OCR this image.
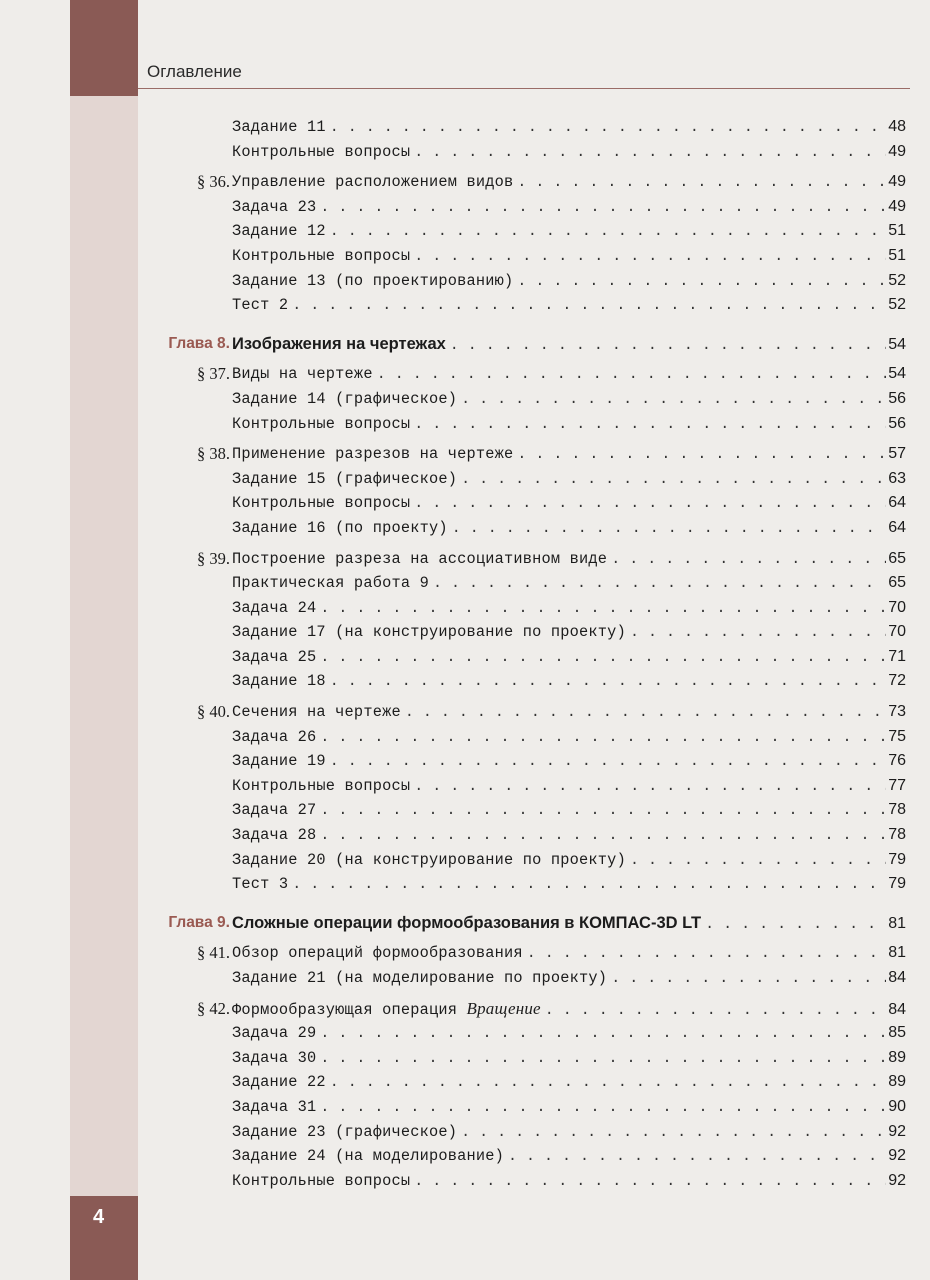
Оглавление
Задание 11 . . .	48
Контрольные вопросы . . .	49
§ 36. Управление расположением видов . . .	49
Задача 23 . . .	49
Задание 12 . . .	51
Контрольные вопросы . . .	51
Задание 13 (по проектированию) . . .	52
Тест 2 . . .	52
Глава 8. Изображения на чертежах . . .	54
§ 37. Виды на чертеже . . .	54
Задание 14 (графическое) . . .	56
Контрольные вопросы . . .	56
§ 38. Применение разрезов на чертеже . . .	57
Задание 15 (графическое) . . .	63
Контрольные вопросы . . .	64
Задание 16 (по проекту) . . .	64
§ 39. Построение разреза на ассоциативном виде . . .	65
Практическая работа 9 . . .	65
Задача 24 . . .	70
Задание 17 (на конструирование по проекту) . . .	70
Задача 25 . . .	71
Задание 18 . . .	72
§ 40. Сечения на чертеже . . .	73
Задача 26 . . .	75
Задание 19 . . .	76
Контрольные вопросы . . .	77
Задача 27 . . .	78
Задача 28 . . .	78
Задание 20 (на конструирование по проекту) . . .	79
Тест 3 . . .	79
Глава 9. Сложные операции формообразования в КОМПАС-3D LT . . .	81
§ 41. Обзор операций формообразования . . .	81
Задание 21 (на моделирование по проекту) . . .	84
§ 42. Формообразующая операция Вращение . . .	84
Задача 29 . . .	85
Задача 30 . . .	89
Задание 22 . . .	89
Задача 31 . . .	90
Задание 23 (графическое) . . .	92
Задание 24 (на моделирование) . . .	92
Контрольные вопросы . . .	92
4
